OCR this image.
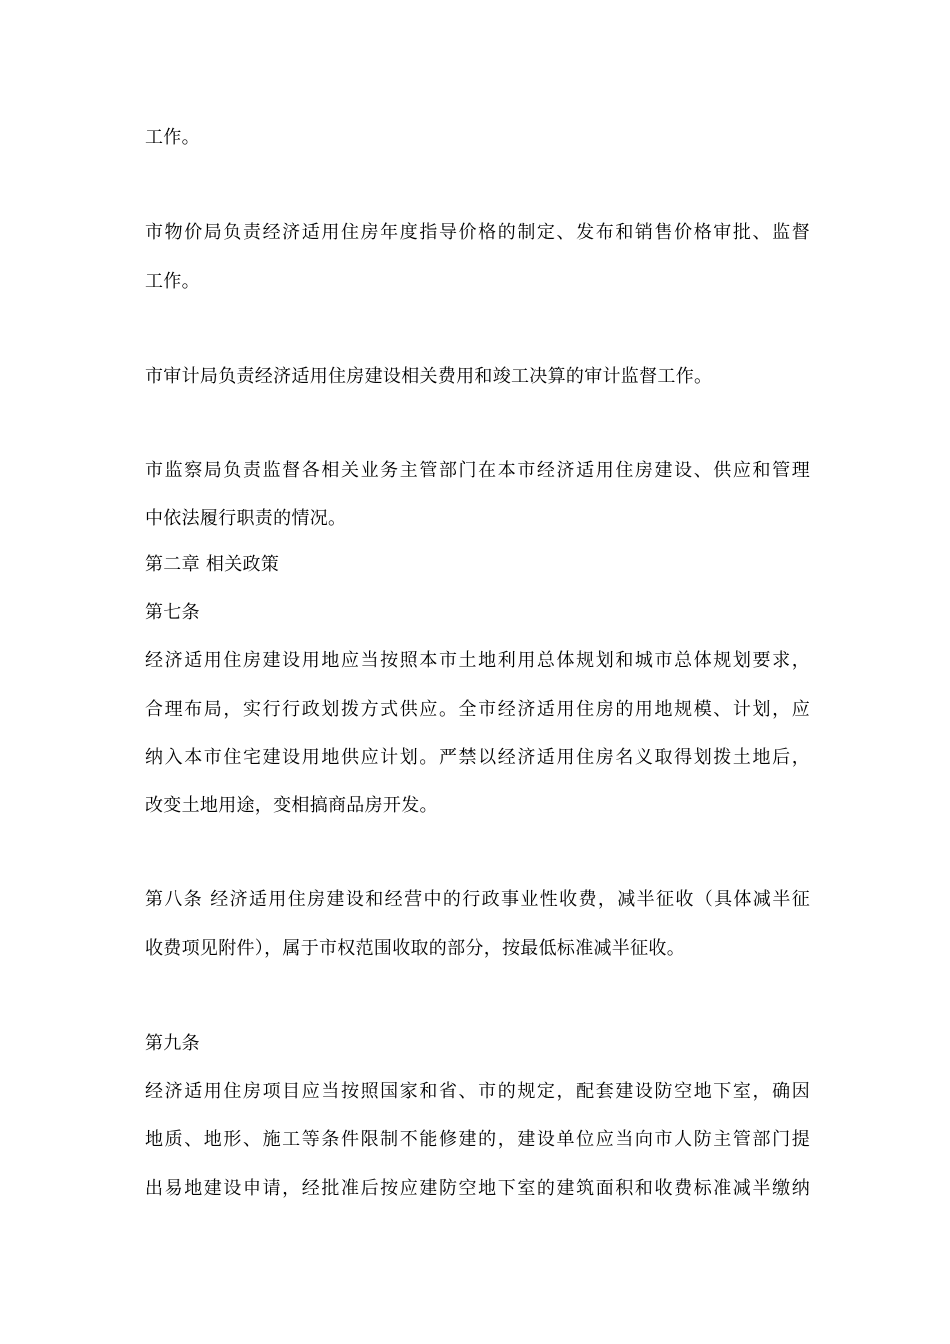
工作。
市物价局负责经济适用住房年度指导价格的制定、发布和销售价格审批、监督
工作。
市审计局负责经济适用住房建设相关费用和竣工决算的审计监督工作。
市监察局负责监督各相关业务主管部门在本市经济适用住房建设、供应和管理
中依法履行职责的情况。
第二章 相关政策
第七条
经济适用住房建设用地应当按照本市土地利用总体规划和城市总体规划要求，
合理布局，实行行政划拨方式供应。全市经济适用住房的用地规模、计划，应
纳入本市住宅建设用地供应计划。严禁以经济适用住房名义取得划拨土地后，
改变土地用途，变相搞商品房开发。
第八条 经济适用住房建设和经营中的行政事业性收费，减半征收（具体减半征
收费项见附件），属于市权范围收取的部分，按最低标准减半征收。
第九条
经济适用住房项目应当按照国家和省、市的规定，配套建设防空地下室，确因
地质、地形、施工等条件限制不能修建的，建设单位应当向市人防主管部门提
出易地建设申请，经批准后按应建防空地下室的建筑面积和收费标准减半缴纳
